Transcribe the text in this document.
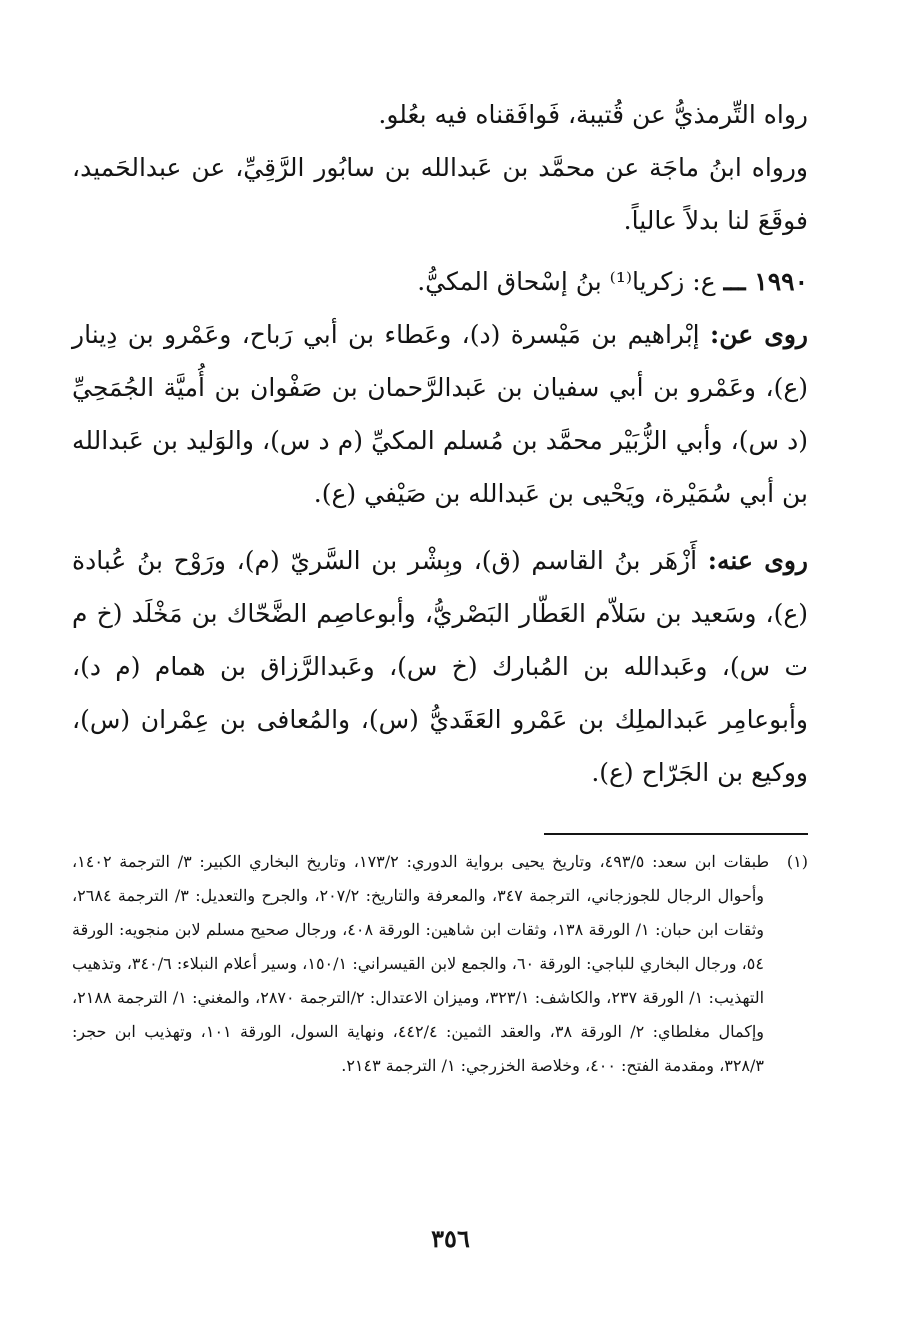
رواه التِّرمذيُّ عن قُتيبة، فَوافَقناه فيه بعُلو.

ورواه ابنُ ماجَة عن محمَّد بن عَبدالله بن سابُور الرَّقِيِّ، عن عبدالحَميد، فوقَعَ لنا بدلاً عالياً.

١٩٩٠ ـــ ع: زكريا⁽¹⁾ بنُ إسْحاق المكيُّ.

روى عن: إبْراهيم بن مَيْسرة (د)، وعَطاء بن أبي رَباح، وعَمْرو بن دِينار (ع)، وعَمْرو بن أبي سفيان بن عَبدالرَّحمان بن صَفْوان بن أُميَّة الجُمَحِيِّ (د س)، وأبي الزُّبَيْر محمَّد بن مُسلم المكيِّ (م د س)، والوَليد بن عَبدالله بن أبي سُمَيْرة، ويَحْيى بن عَبدالله بن صَيْفي (ع).

روى عنه: أَزْهَر بنُ القاسم (ق)، وبِشْر بن السَّريّ (م)، ورَوْح بنُ عُبادة (ع)، وسَعيد بن سَلاّم العَطّار البَصْريُّ، وأبوعاصِم الضَّحّاك بن مَخْلَد (خ م ت س)، وعَبدالله بن المُبارك (خ س)، وعَبدالرَّزاق بن همام (م د)، وأبوعامِر عَبدالملِك بن عَمْرو العَقَديُّ (س)، والمُعافى بن عِمْران (س)، ووكيع بن الجَرّاح (ع).

(١) طبقات ابن سعد: ٤٩٣/٥، وتاريخ يحيى برواية الدوري: ١٧٣/٢، وتاريخ البخاري الكبير: ٣/ الترجمة ١٤٠٢، وأحوال الرجال للجوزجاني، الترجمة ٣٤٧، والمعرفة والتاريخ: ٢٠٧/٢، والجرح والتعديل: ٣/ الترجمة ٢٦٨٤، وثقات ابن حبان: ١/ الورقة ١٣٨، وثقات ابن شاهين: الورقة ٤٠٨، ورجال صحيح مسلم لابن منجويه: الورقة ٥٤، ورجال البخاري للباجي: الورقة ٦٠، والجمع لابن القيسراني: ١٥٠/١، وسير أعلام النبلاء: ٣٤٠/٦، وتذهيب التهذيب: ١/ الورقة ٢٣٧، والكاشف: ٣٢٣/١، وميزان الاعتدال: ٢/الترجمة ٢٨٧٠، والمغني: ١/ الترجمة ٢١٨٨، وإكمال مغلطاي: ٢/ الورقة ٣٨، والعقد الثمين: ٤٤٢/٤، ونهاية السول، الورقة ١٠١، وتهذيب ابن حجر: ٣٢٨/٣، ومقدمة الفتح: ٤٠٠، وخلاصة الخزرجي: ١/ الترجمة ٢١٤٣.
٣٥٦
